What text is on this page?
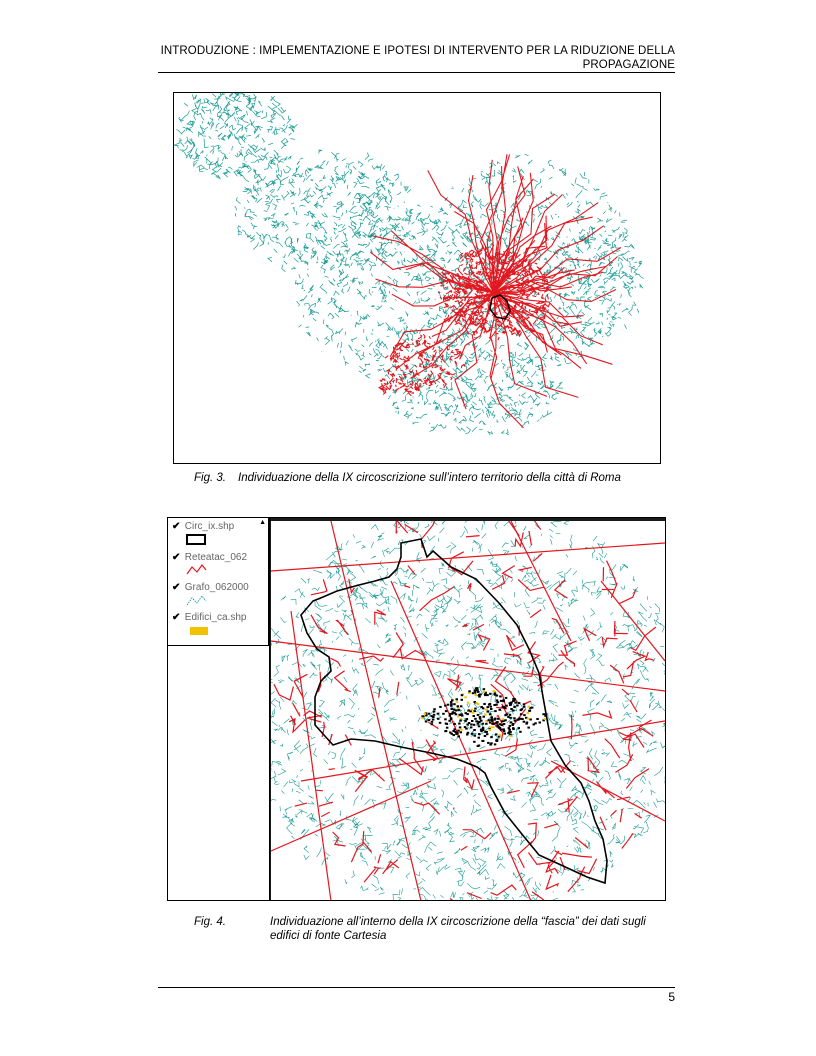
INTRODUZIONE : IMPLEMENTAZIONE E IPOTESI DI INTERVENTO PER LA RIDUZIONE DELLA
PROPAGAZIONE
Fig. 3. Individuazione della IX circoscrizione sull’intero territorio della città di Roma
▲
✔ Circ_ix.shp
✔ Reteatac_062
✔ Grafo_062000
✔ Edifici_ca.shp
Fig. 4.	Individuazione all’interno della IX circoscrizione della “fascia” dei dati sugli
edifici di fonte Cartesia
5
